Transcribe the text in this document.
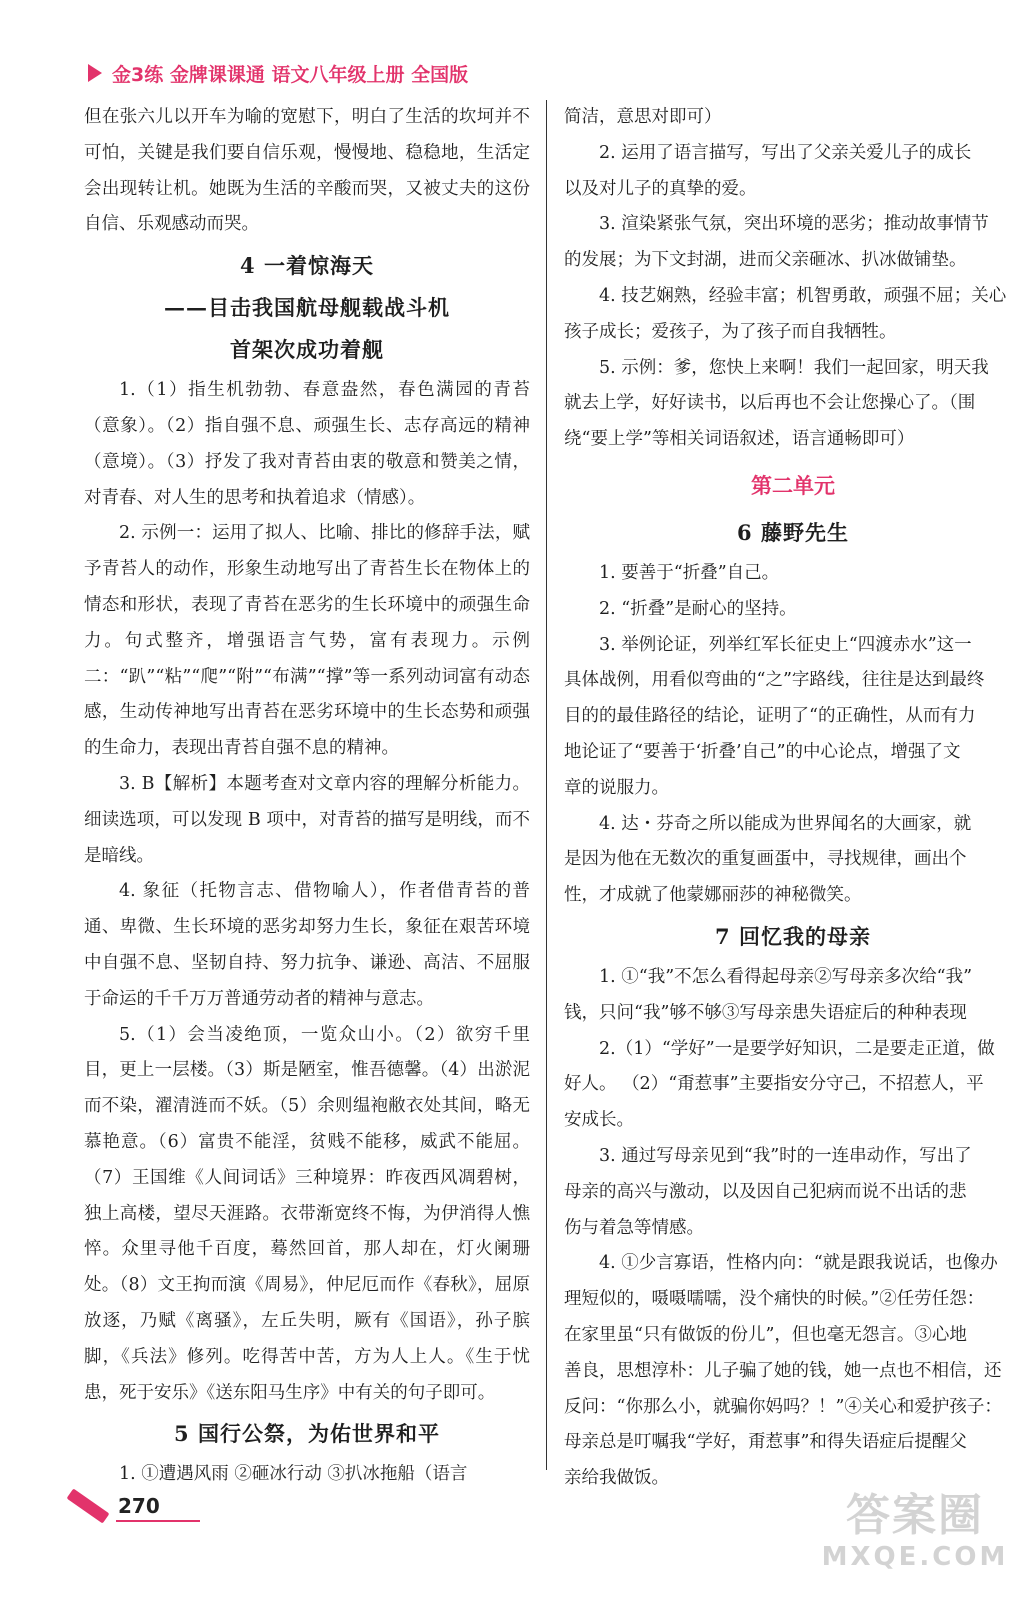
金3练 金牌课课通 语文八年级上册 全国版
但在张六儿以开车为喻的宽慰下，明白了生活的坎坷并不可怕，关键是我们要自信乐观，慢慢地、稳稳地，生活定会出现转让机。她既为生活的辛酸而哭，又被丈夫的这份自信、乐观感动而哭。
4 一着惊海天
——目击我国航母舰载战斗机
首架次成功着舰
1.（1）指生机勃勃、春意盎然，春色满园的青苔（意象）。（2）指自强不息、顽强生长、志存高远的精神（意境）。（3）抒发了我对青苔由衷的敬意和赞美之情，对青春、对人生的思考和执着追求（情感）。
2. 示例一：运用了拟人、比喻、排比的修辞手法，赋予青苔人的动作，形象生动地写出了青苔生长在物体上的情态和形状，表现了青苔在恶劣的生长环境中的顽强生命力。句式整齐，增强语言气势，富有表现力。示例二：“趴”“粘”“爬”“附”“布满”“撑”等一系列动词富有动态感，生动传神地写出青苔在恶劣环境中的生长态势和顽强的生命力，表现出青苔自强不息的精神。
3. B【解析】本题考查对文章内容的理解分析能力。细读选项，可以发现 B 项中，对青苔的描写是明线，而不是暗线。
4. 象征（托物言志、借物喻人），作者借青苔的普通、卑微、生长环境的恶劣却努力生长，象征在艰苦环境中自强不息、坚韧自持、努力抗争、谦逊、高洁、不屈服于命运的千千万万普通劳动者的精神与意志。
5.（1）会当凌绝顶，一览众山小。（2）欲穷千里目，更上一层楼。（3）斯是陋室，惟吾德馨。（4）出淤泥而不染，濯清涟而不妖。（5）余则缊袍敝衣处其间，略无慕艳意。（6）富贵不能淫，贫贱不能移，威武不能屈。（7）王国维《人间词话》三种境界：昨夜西风凋碧树，独上高楼，望尽天涯路。衣带渐宽终不悔，为伊消得人憔悴。众里寻他千百度，蓦然回首，那人却在，灯火阑珊处。（8）文王拘而演《周易》，仲尼厄而作《春秋》，屈原放逐，乃赋《离骚》，左丘失明，厥有《国语》，孙子膑脚，《兵法》修列。吃得苦中苦，方为人上人。《生于忧患，死于安乐》《送东阳马生序》中有关的句子即可。
5 国行公祭，为佑世界和平
1. ①遭遇风雨 ②砸冰行动 ③扒冰拖船（语言
简洁，意思对即可）
2. 运用了语言描写，写出了父亲关爱儿子的成长
以及对儿子的真挚的爱。
3. 渲染紧张气氛，突出环境的恶劣；推动故事情节
的发展；为下文封湖，进而父亲砸冰、扒冰做铺垫。
4. 技艺娴熟，经验丰富；机智勇敢，顽强不屈；关心
孩子成长；爱孩子，为了孩子而自我牺牲。
5. 示例：爹，您快上来啊！我们一起回家，明天我
就去上学，好好读书，以后再也不会让您操心了。（围
绕“要上学”等相关词语叙述，语言通畅即可）
第二单元
6 藤野先生
1. 要善于“折叠”自己。
2. “折叠”是耐心的坚持。
3. 举例论证，列举红军长征史上“四渡赤水”这一
具体战例，用看似弯曲的“之”字路线，往往是达到最终
目的的最佳路径的结论，证明了“的正确性，从而有力
地论证了“要善于‘折叠’自己”的中心论点，增强了文
章的说服力。
4. 达・芬奇之所以能成为世界闻名的大画家，就
是因为他在无数次的重复画蛋中，寻找规律，画出个
性，才成就了他蒙娜丽莎的神秘微笑。
7 回忆我的母亲
1. ①“我”不怎么看得起母亲②写母亲多次给“我”
钱，只问“我”够不够③写母亲患失语症后的种种表现
2.（1）“学好”一是要学好知识，二是要走正道，做
好人。 （2）“甭惹事”主要指安分守己，不招惹人，平
安成长。
3. 通过写母亲见到“我”时的一连串动作，写出了
母亲的高兴与激动，以及因自己犯病而说不出话的悲
伤与着急等情感。
4. ①少言寡语，性格内向：“就是跟我说话，也像办
理短似的，嗫嗫嚅嚅，没个痛快的时候。”②任劳任怨：
在家里虽“只有做饭的份儿”，但也毫无怨言。③心地
善良，思想淳朴：儿子骗了她的钱，她一点也不相信，还
反问：“你那么小，就骗你妈吗？！”④关心和爱护孩子：
母亲总是叮嘱我“学好，甭惹事”和得失语症后提醒父
亲给我做饭。
270	答案圈
MXQE.COM
